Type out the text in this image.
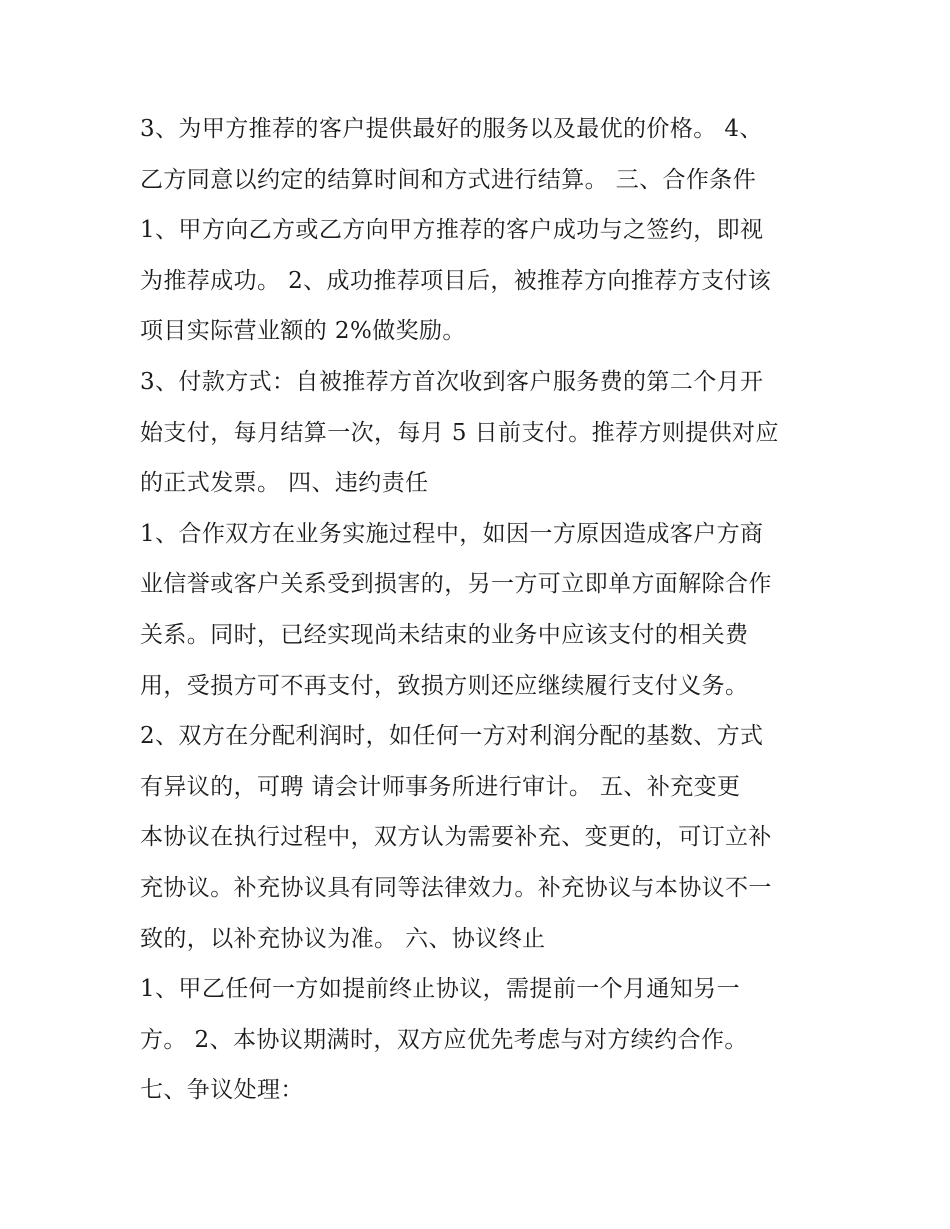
3、为甲方推荐的客户提供最好的服务以及最优的价格。 4、
乙方同意以约定的结算时间和方式进行结算。 三、合作条件
1、甲方向乙方或乙方向甲方推荐的客户成功与之签约，即视
为推荐成功。 2、成功推荐项目后，被推荐方向推荐方支付该
项目实际营业额的 2%做奖励。
3、付款方式：自被推荐方首次收到客户服务费的第二个月开
始支付，每月结算一次，每月 5 日前支付。推荐方则提供对应
的正式发票。 四、违约责任
1、合作双方在业务实施过程中，如因一方原因造成客户方商
业信誉或客户关系受到损害的，另一方可立即单方面解除合作
关系。同时，已经实现尚未结束的业务中应该支付的相关费
用，受损方可不再支付，致损方则还应继续履行支付义务。
2、双方在分配利润时，如任何一方对利润分配的基数、方式
有异议的，可聘 请会计师事务所进行审计。 五、补充变更
本协议在执行过程中，双方认为需要补充、变更的，可订立补
充协议。补充协议具有同等法律效力。补充协议与本协议不一
致的，以补充协议为准。 六、协议终止
1、甲乙任何一方如提前终止协议，需提前一个月通知另一
方。 2、本协议期满时，双方应优先考虑与对方续约合作。
七、争议处理：
